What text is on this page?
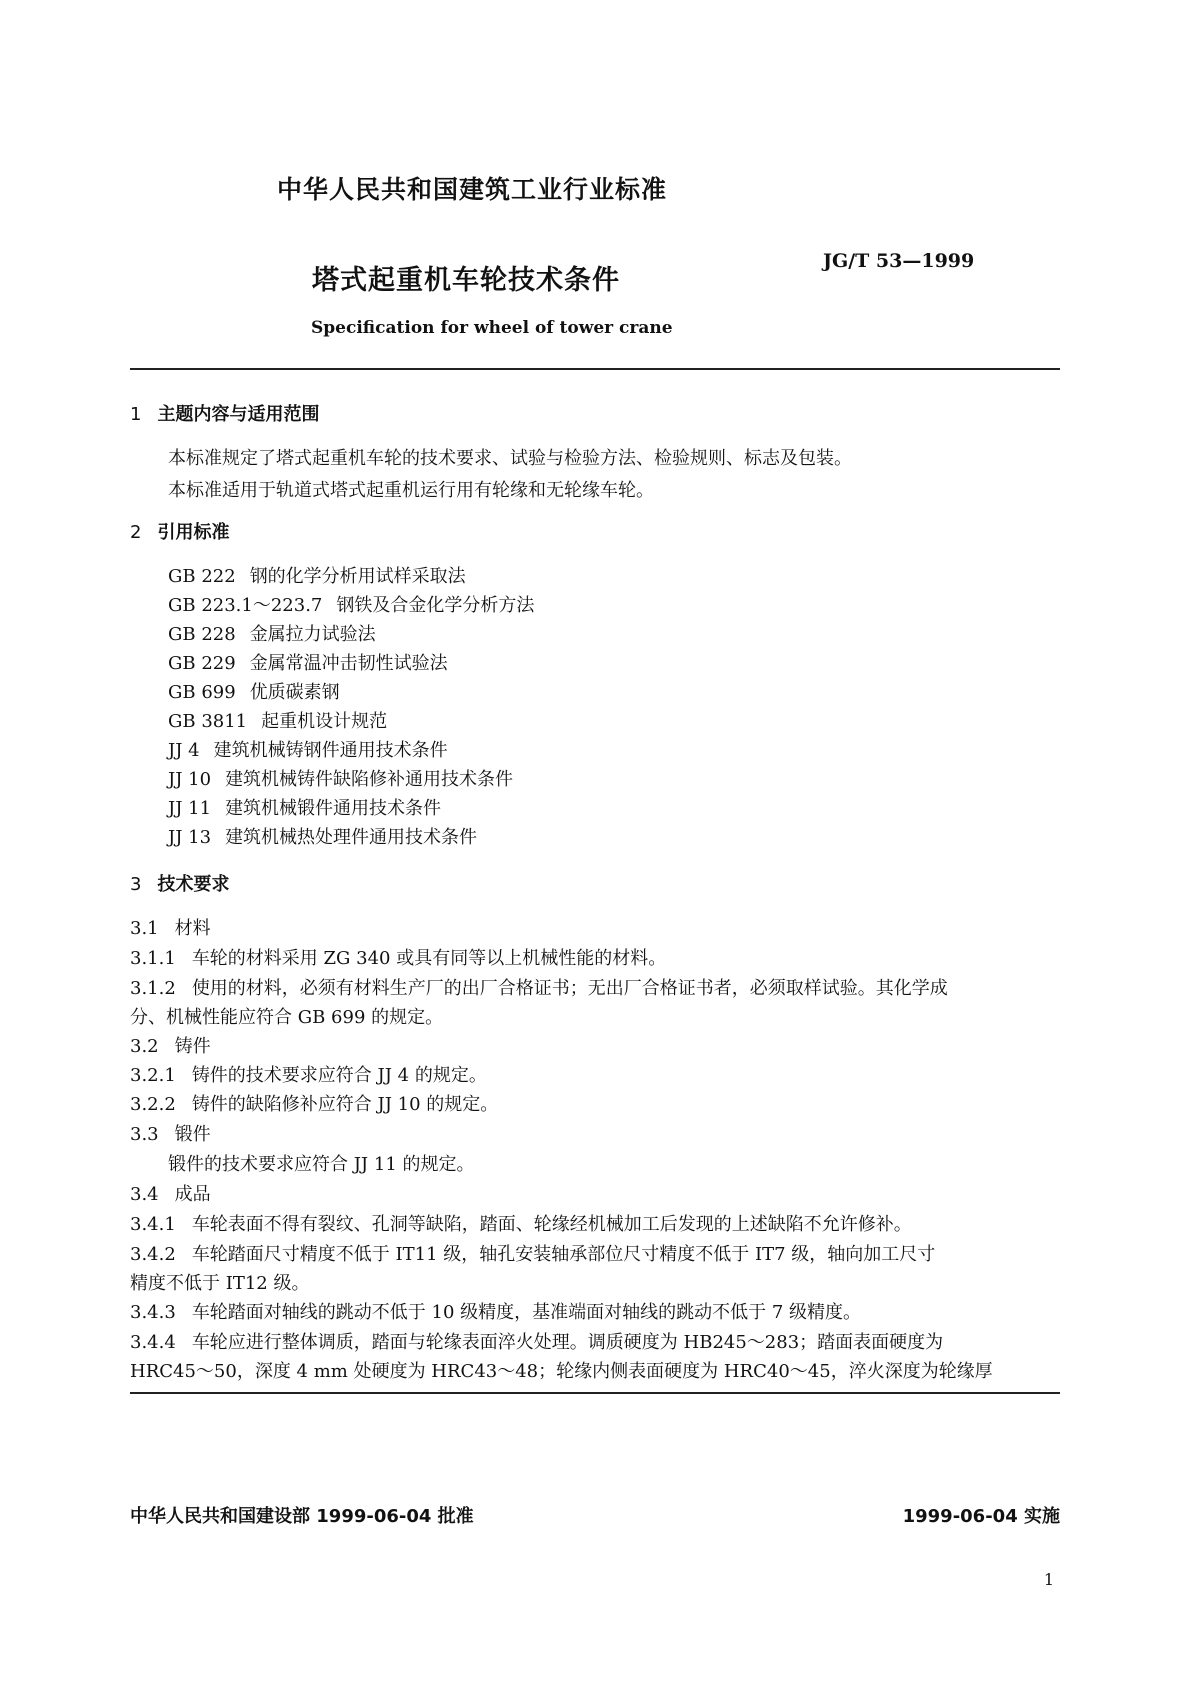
中华人民共和国建筑工业行业标准
塔式起重机车轮技术条件
JG/T 53—1999
Specification for wheel of tower crane
1 主题内容与适用范围
本标准规定了塔式起重机车轮的技术要求、试验与检验方法、检验规则、标志及包装。
本标准适用于轨道式塔式起重机运行用有轮缘和无轮缘车轮。
2 引用标准
GB 222 钢的化学分析用试样采取法
GB 223.1～223.7 钢铁及合金化学分析方法
GB 228 金属拉力试验法
GB 229 金属常温冲击韧性试验法
GB 699 优质碳素钢
GB 3811 起重机设计规范
JJ 4 建筑机械铸钢件通用技术条件
JJ 10 建筑机械铸件缺陷修补通用技术条件
JJ 11 建筑机械锻件通用技术条件
JJ 13 建筑机械热处理件通用技术条件
3 技术要求
3.1 材料
3.1.1 车轮的材料采用 ZG 340 或具有同等以上机械性能的材料。
3.1.2 使用的材料，必须有材料生产厂的出厂合格证书；无出厂合格证书者，必须取样试验。其化学成
分、机械性能应符合 GB 699 的规定。
3.2 铸件
3.2.1 铸件的技术要求应符合 JJ 4 的规定。
3.2.2 铸件的缺陷修补应符合 JJ 10 的规定。
3.3 锻件
锻件的技术要求应符合 JJ 11 的规定。
3.4 成品
3.4.1 车轮表面不得有裂纹、孔洞等缺陷，踏面、轮缘经机械加工后发现的上述缺陷不允许修补。
3.4.2 车轮踏面尺寸精度不低于 IT11 级，轴孔安装轴承部位尺寸精度不低于 IT7 级，轴向加工尺寸
精度不低于 IT12 级。
3.4.3 车轮踏面对轴线的跳动不低于 10 级精度，基准端面对轴线的跳动不低于 7 级精度。
3.4.4 车轮应进行整体调质，踏面与轮缘表面淬火处理。调质硬度为 HB245～283；踏面表面硬度为
HRC45～50，深度 4 mm 处硬度为 HRC43～48；轮缘内侧表面硬度为 HRC40～45，淬火深度为轮缘厚
中华人民共和国建设部 1999-06-04 批准	1999-06-04 实施
1
